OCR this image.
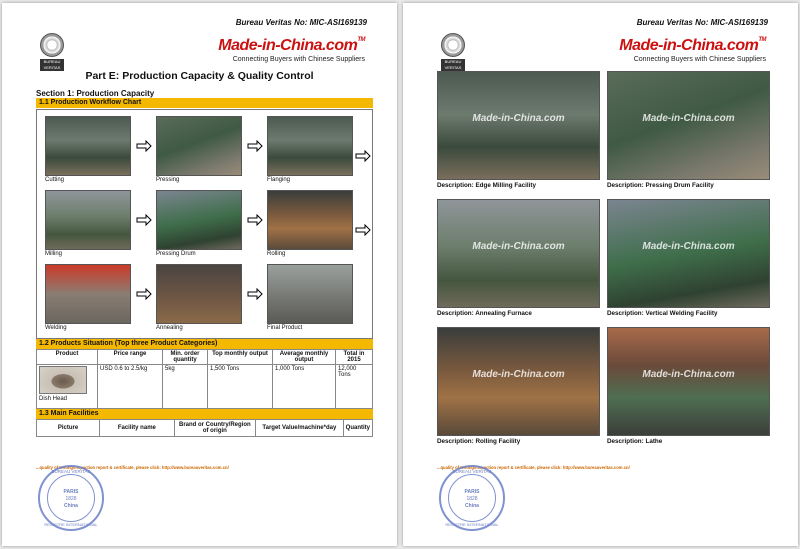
Bureau Veritas No: MIC-ASI169139
BUREAU VERITAS
Made-in-China.com™
Connecting Buyers with Chinese Suppliers
Part E: Production Capacity & Quality Control
Section 1: Production Capacity
1.1 Production Workflow Chart
Cutting	Pressing	Flanging
Milling	Pressing Drum	Rolling
Welding	Annealing	Final Product
1.2 Products Situation (Top three Product Categories)
Product	Price range	Min. order quantity	Top monthly output	Average monthly output	Total in 2015

Dish Head	USD 0.6 to 2.5/kg	5kg	1,500 Tons	1,000 Tons	12,000 Tons
1.3 Main Facilities
Picture	Facility name	Brand or Country/Region of origin	Target Value/machine*day	Quantity
...quality of testing/inspection report & certificate, please click: http://www.bureauveritas.com.cn/
BUREAU VERITAS
PARIS
1828
China
REGISTRE INTERNATIONAL
Bureau Veritas No: MIC-ASI169139
BUREAU VERITAS
Made-in-China.com™
Connecting Buyers with Chinese Suppliers
Made-in-China.com
Description: Edge Milling Facility
Made-in-China.com
Description: Pressing Drum Facility
Made-in-China.com
Description: Annealing Furnace
Made-in-China.com
Description: Vertical Welding Facility
Made-in-China.com
Description: Rolling Facility
Made-in-China.com
Description: Lathe
...quality of testing/inspection report & certificate, please click: http://www.bureauveritas.com.cn/
BUREAU VERITAS
PARIS
1828
China
REGISTRE INTERNATIONAL
